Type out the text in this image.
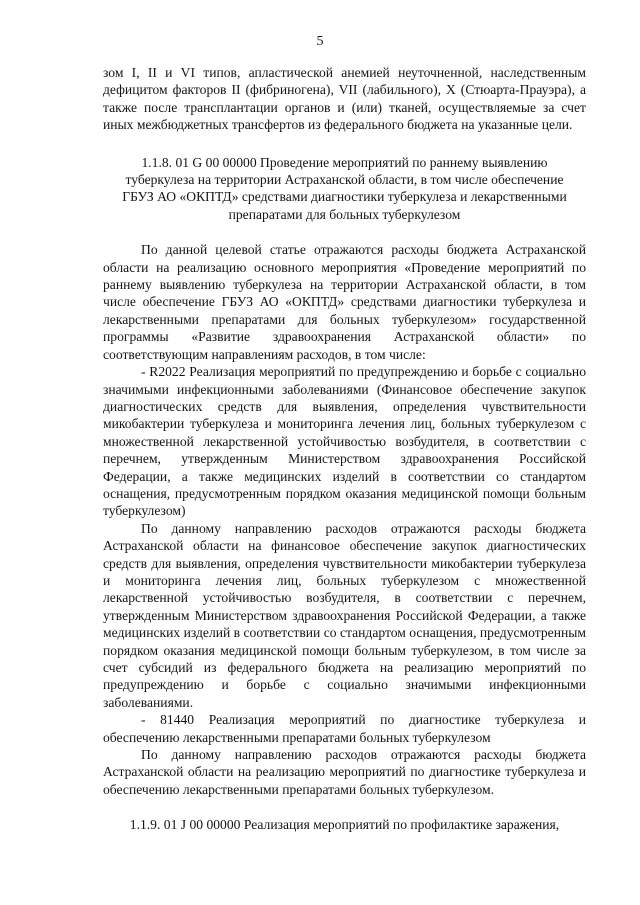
5

зом I, II и VI типов, апластической анемией неуточненной, наследственным дефицитом факторов II (фибриногена), VII (лабильного), X (Стюарта-Прауэра), а также после трансплантации органов и (или) тканей, осуществляемые за счет иных межбюджетных трансфертов из федерального бюджета на указанные цели.

1.1.8. 01 G 00 00000 Проведение мероприятий по раннему выявлению туберкулеза на территории Астраханской области, в том числе обеспечение ГБУЗ АО «ОКПТД» средствами диагностики туберкулеза и лекарственными препаратами для больных туберкулезом

По данной целевой статье отражаются расходы бюджета Астраханской области на реализацию основного мероприятия «Проведение мероприятий по раннему выявлению туберкулеза на территории Астраханской области, в том числе обеспечение ГБУЗ АО «ОКПТД» средствами диагностики туберкулеза и лекарственными препаратами для больных туберкулезом» государственной программы «Развитие здравоохранения Астраханской области» по соответствующим направлениям расходов, в том числе:

- R2022 Реализация мероприятий по предупреждению и борьбе с социально значимыми инфекционными заболеваниями (Финансовое обеспечение закупок диагностических средств для выявления, определения чувствительности микобактерии туберкулеза и мониторинга лечения лиц, больных туберкулезом с множественной лекарственной устойчивостью возбудителя, в соответствии с перечнем, утвержденным Министерством здравоохранения Российской Федерации, а также медицинских изделий в соответствии со стандартом оснащения, предусмотренным порядком оказания медицинской помощи больным туберкулезом)

По данному направлению расходов отражаются расходы бюджета Астраханской области на финансовое обеспечение закупок диагностических средств для выявления, определения чувствительности микобактерии туберкулеза и мониторинга лечения лиц, больных туберкулезом с множественной лекарственной устойчивостью возбудителя, в соответствии с перечнем, утвержденным Министерством здравоохранения Российской Федерации, а также медицинских изделий в соответствии со стандартом оснащения, предусмотренным порядком оказания медицинской помощи больным туберкулезом, в том числе за счет субсидий из федерального бюджета на реализацию мероприятий по предупреждению и борьбе с социально значимыми инфекционными заболеваниями.

- 81440 Реализация мероприятий по диагностике туберкулеза и обеспечению лекарственными препаратами больных туберкулезом

По данному направлению расходов отражаются расходы бюджета Астраханской области на реализацию мероприятий по диагностике туберкулеза и обеспечению лекарственными препаратами больных туберкулезом.

1.1.9. 01 J 00 00000 Реализация мероприятий по профилактике заражения,
